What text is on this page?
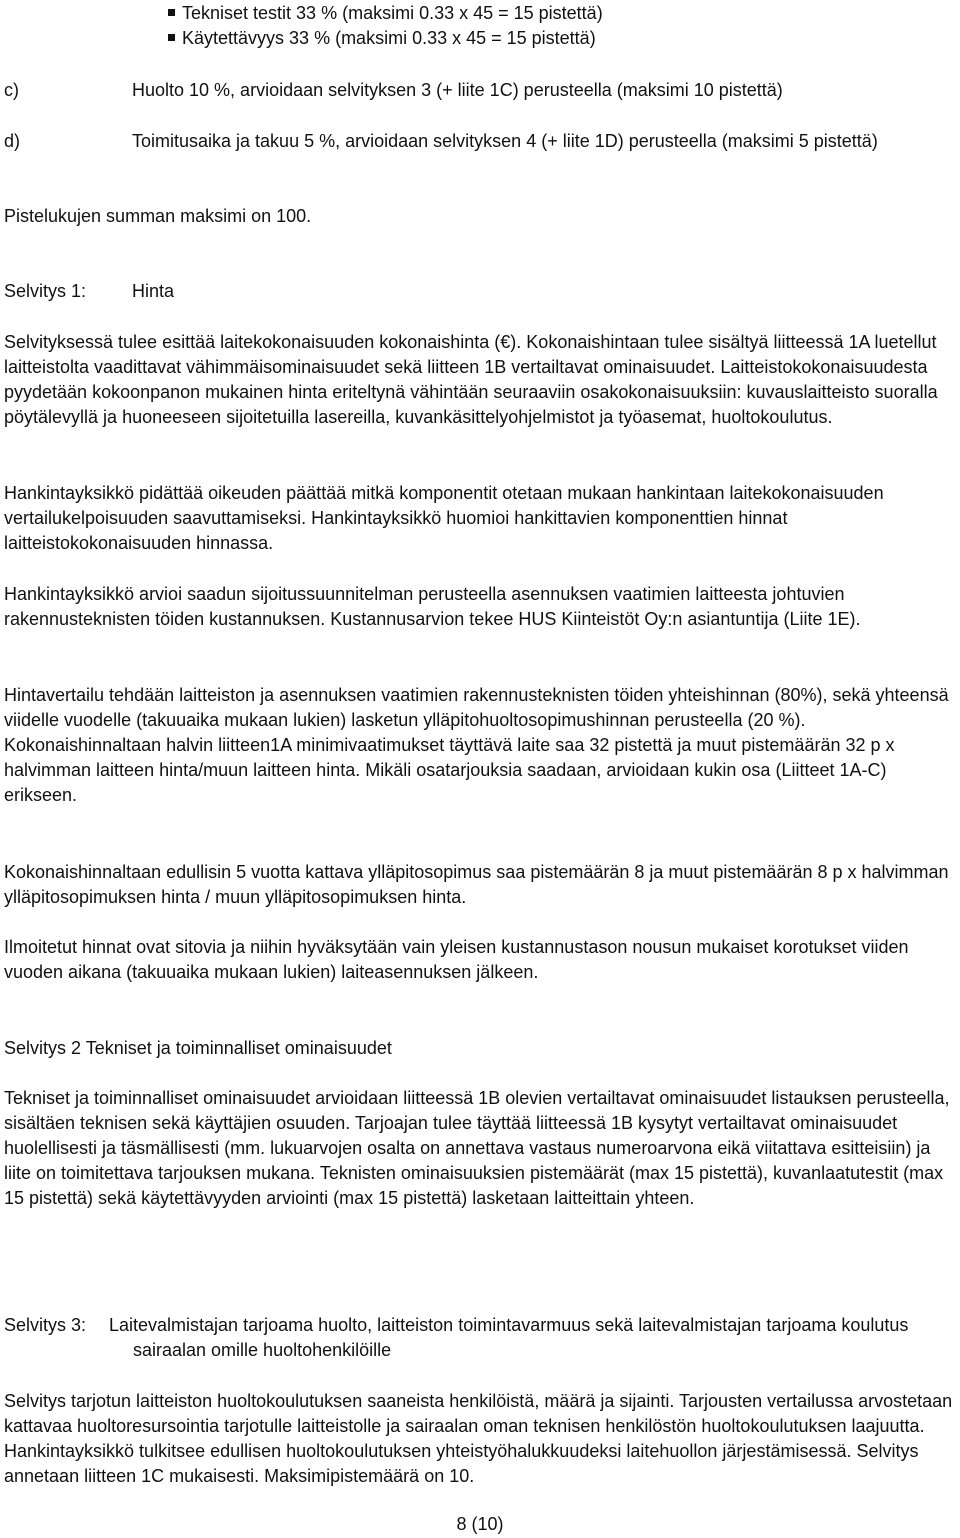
Tekniset testit 33 % (maksimi 0.33 x 45 = 15 pistettä)
Käytettävyys 33 % (maksimi 0.33 x 45 = 15 pistettä)
c)	Huolto 10 %, arvioidaan selvityksen 3 (+ liite 1C) perusteella (maksimi 10 pistettä)
d)	Toimitusaika ja takuu 5 %, arvioidaan selvityksen 4 (+ liite 1D) perusteella (maksimi 5 pistettä)

Pistelukujen summan maksimi on 100.

Selvitys 1:	Hinta

Selvityksessä tulee esittää laitekokonaisuuden kokonaishinta (€). Kokonaishintaan tulee sisältyä liitteessä 1A luetellut laitteistolta vaadittavat vähimmäisominaisuudet sekä liitteen 1B vertailtavat ominaisuudet. Laitteistokokonaisuudesta pyydetään kokoonpanon mukainen hinta eriteltynä vähintään seuraaviin osakokonaisuuksiin: kuvauslaitteisto suoralla pöytälevyllä ja huoneeseen sijoitetuilla lasereilla, kuvankäsittelyohjelmistot ja työasemat, huoltokoulutus.

Hankintayksikkö pidättää oikeuden päättää mitkä komponentit otetaan mukaan hankintaan laitekokonaisuuden vertailukelpoisuuden saavuttamiseksi. Hankintayksikkö huomioi hankittavien komponenttien hinnat laitteistokokonaisuuden hinnassa.

Hankintayksikkö arvioi saadun sijoitussuunnitelman perusteella asennuksen vaatimien laitteesta johtuvien rakennusteknisten töiden kustannuksen. Kustannusarvion tekee HUS Kiinteistöt Oy:n asiantuntija (Liite 1E).

Hintavertailu tehdään laitteiston ja asennuksen vaatimien rakennusteknisten töiden yhteishinnan (80%), sekä yhteensä viidelle vuodelle (takuuaika mukaan lukien) lasketun ylläpitohuoltosopimushinnan perusteella (20 %). Kokonaishinnaltaan halvin liitteen1A minimivaatimukset täyttävä laite saa 32 pistettä ja muut pistemäärän 32 p x halvimman laitteen hinta/muun laitteen hinta. Mikäli osatarjouksia saadaan, arvioidaan kukin osa (Liitteet 1A-C) erikseen.

Kokonaishinnaltaan edullisin 5 vuotta kattava ylläpitosopimus saa pistemäärän 8 ja muut pistemäärän 8 p x halvimman ylläpitosopimuksen hinta / muun ylläpitosopimuksen hinta.

Ilmoitetut hinnat ovat sitovia ja niihin hyväksytään vain yleisen kustannustason nousun mukaiset korotukset viiden vuoden aikana (takuuaika mukaan lukien) laiteasennuksen jälkeen.

Selvitys 2 Tekniset ja toiminnalliset ominaisuudet

Tekniset ja toiminnalliset ominaisuudet arvioidaan liitteessä 1B olevien vertailtavat ominaisuudet listauksen perusteella, sisältäen teknisen sekä käyttäjien osuuden. Tarjoajan tulee täyttää liitteessä 1B kysytyt vertailtavat ominaisuudet huolellisesti ja täsmällisesti (mm. lukuarvojen osalta on annettava vastaus numeroarvona eikä viitattava esitteisiin) ja liite on toimitettava tarjouksen mukana. Teknisten ominaisuuksien pistemäärät (max 15 pistettä), kuvanlaatutestit (max 15 pistettä) sekä käytettävyyden arviointi (max 15 pistettä) lasketaan laitteittain yhteen.

Selvitys 3: Laitevalmistajan tarjoama huolto, laitteiston toimintavarmuus sekä laitevalmistajan tarjoama koulutus sairaalan omille huoltohenkilöille

Selvitys tarjotun laitteiston huoltokoulutuksen saaneista henkilöistä, määrä ja sijainti. Tarjousten vertailussa arvostetaan kattavaa huoltoresursointia tarjotulle laitteistolle ja sairaalan oman teknisen henkilöstön huoltokoulutuksen laajuutta. Hankintayksikkö tulkitsee edullisen huoltokoulutuksen yhteistyöhalukkuudeksi laitehuollon järjestämisessä. Selvitys annetaan liitteen 1C mukaisesti. Maksimipistemäärä on 10.

8 (10)
